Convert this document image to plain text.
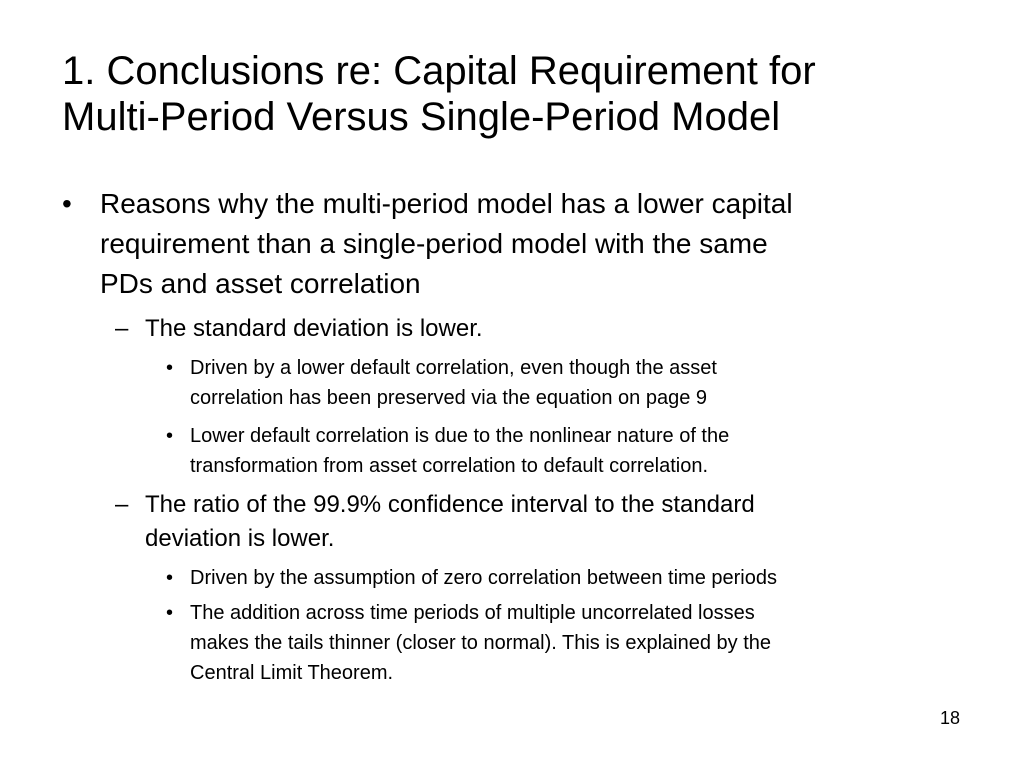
1. Conclusions re: Capital Requirement for
Multi-Period Versus Single-Period Model
• Reasons why the multi-period model has a lower capital
requirement than a single-period model with the same
PDs and asset correlation
– The standard deviation is lower.
• Driven by a lower default correlation, even though the asset
correlation has been preserved via the equation on page 9
• Lower default correlation is due to the nonlinear nature of the
transformation from asset correlation to default correlation.
– The ratio of the 99.9% confidence interval to the standard
deviation is lower.
• Driven by the assumption of zero correlation between time periods
• The addition across time periods of multiple uncorrelated losses
makes the tails thinner (closer to normal). This is explained by the
Central Limit Theorem.
18
